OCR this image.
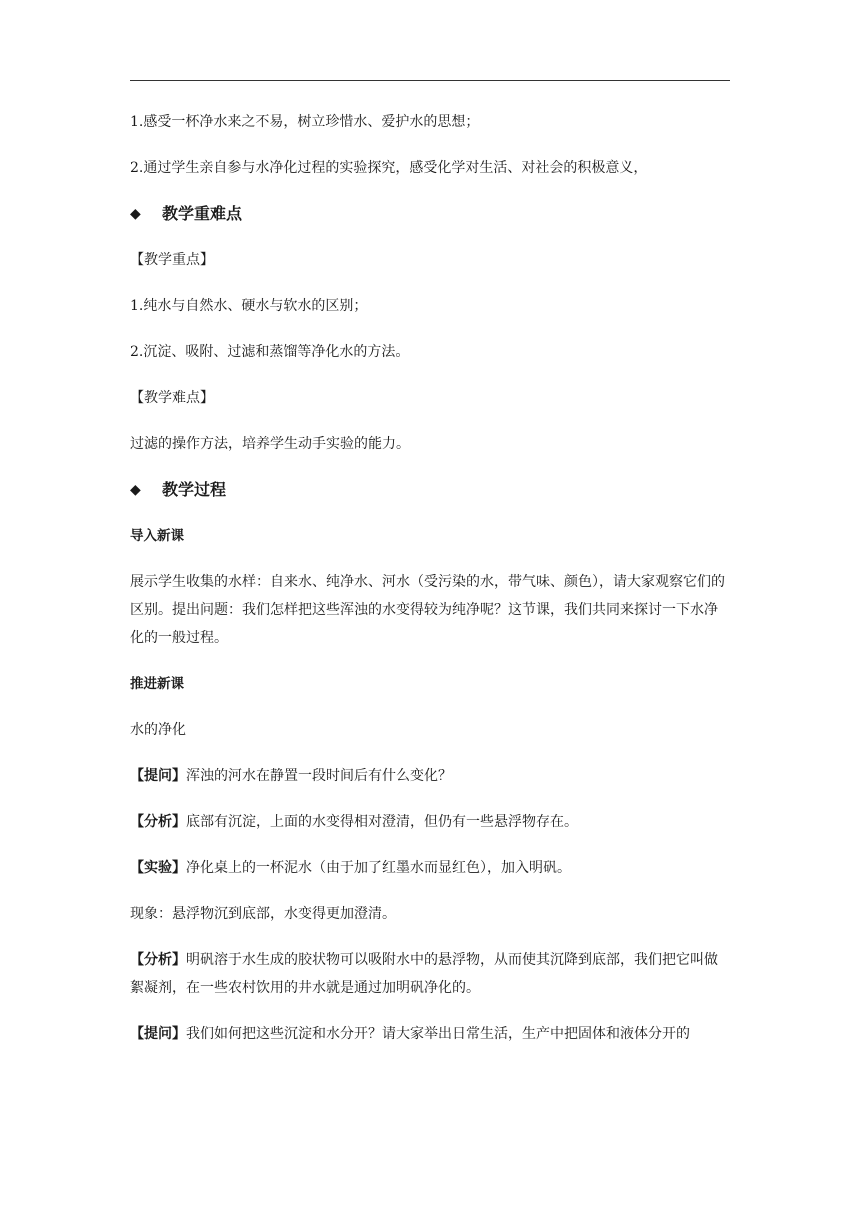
1.感受一杯净水来之不易，树立珍惜水、爱护水的思想；

2.通过学生亲自参与水净化过程的实验探究，感受化学对生活、对社会的积极意义，

◆	教学重难点

【教学重点】

1.纯水与自然水、硬水与软水的区别；

2.沉淀、吸附、过滤和蒸馏等净化水的方法。

【教学难点】

过滤的操作方法，培养学生动手实验的能力。

◆	教学过程

导入新课

展示学生收集的水样：自来水、纯净水、河水（受污染的水，带气味、颜色），请大家观察它们的区别。提出问题：我们怎样把这些浑浊的水变得较为纯净呢？这节课，我们共同来探讨一下水净化的一般过程。

推进新课

水的净化

【提问】浑浊的河水在静置一段时间后有什么变化？

【分析】底部有沉淀，上面的水变得相对澄清，但仍有一些悬浮物存在。

【实验】净化桌上的一杯泥水（由于加了红墨水而显红色），加入明矾。

现象：悬浮物沉到底部，水变得更加澄清。

【分析】明矾溶于水生成的胶状物可以吸附水中的悬浮物，从而使其沉降到底部，我们把它叫做絮凝剂，在一些农村饮用的井水就是通过加明矾净化的。

【提问】我们如何把这些沉淀和水分开？请大家举出日常生活，生产中把固体和液体分开的
